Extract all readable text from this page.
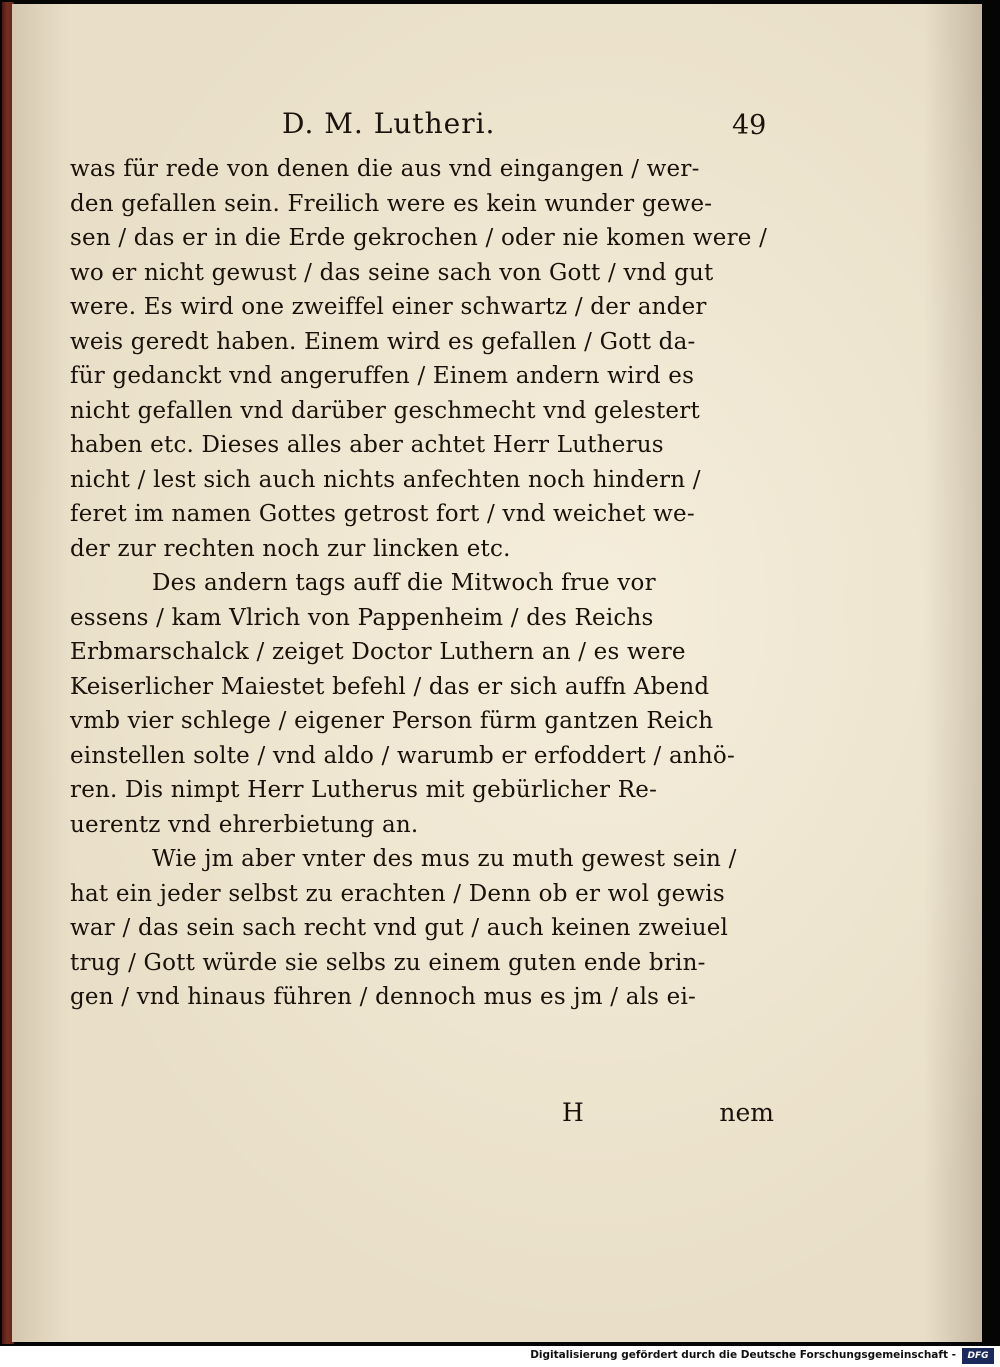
D. M. Lutheri.	49
was für rede von denen die aus vnd eingangen / wer-
den gefallen sein. Freilich were es kein wunder gewe-
sen / das er in die Erde gekrochen / oder nie komen were /
wo er nicht gewust / das seine sach von Gott / vnd gut
were. Es wird one zweiffel einer schwartz / der ander
weis geredt haben. Einem wird es gefallen / Gott da-
für gedanckt vnd angeruffen / Einem andern wird es
nicht gefallen vnd darüber geschmecht vnd gelestert
haben etc. Dieses alles aber achtet Herr Lutherus
nicht / lest sich auch nichts anfechten noch hindern /
feret im namen Gottes getrost fort / vnd weichet we-
der zur rechten noch zur lincken etc.
Des andern tags auff die Mitwoch frue vor
essens / kam Vlrich von Pappenheim / des Reichs
Erbmarschalck / zeiget Doctor Luthern an / es were
Keiserlicher Maiestet befehl / das er sich auffn Abend
vmb vier schlege / eigener Person fürm gantzen Reich
einstellen solte / vnd aldo / warumb er erfoddert / anhö-
ren. Dis nimpt Herr Lutherus mit gebürlicher Re-
uerentz vnd ehrerbietung an.
Wie jm aber vnter des mus zu muth gewest sein /
hat ein jeder selbst zu erachten / Denn ob er wol gewis
war / das sein sach recht vnd gut / auch keinen zweiuel
trug / Gott würde sie selbs zu einem guten ende brin-
gen / vnd hinaus führen / dennoch mus es jm / als ei-
H	nem
Digitalisierung gefördert durch die Deutsche Forschungsgemeinschaft -	DFG
